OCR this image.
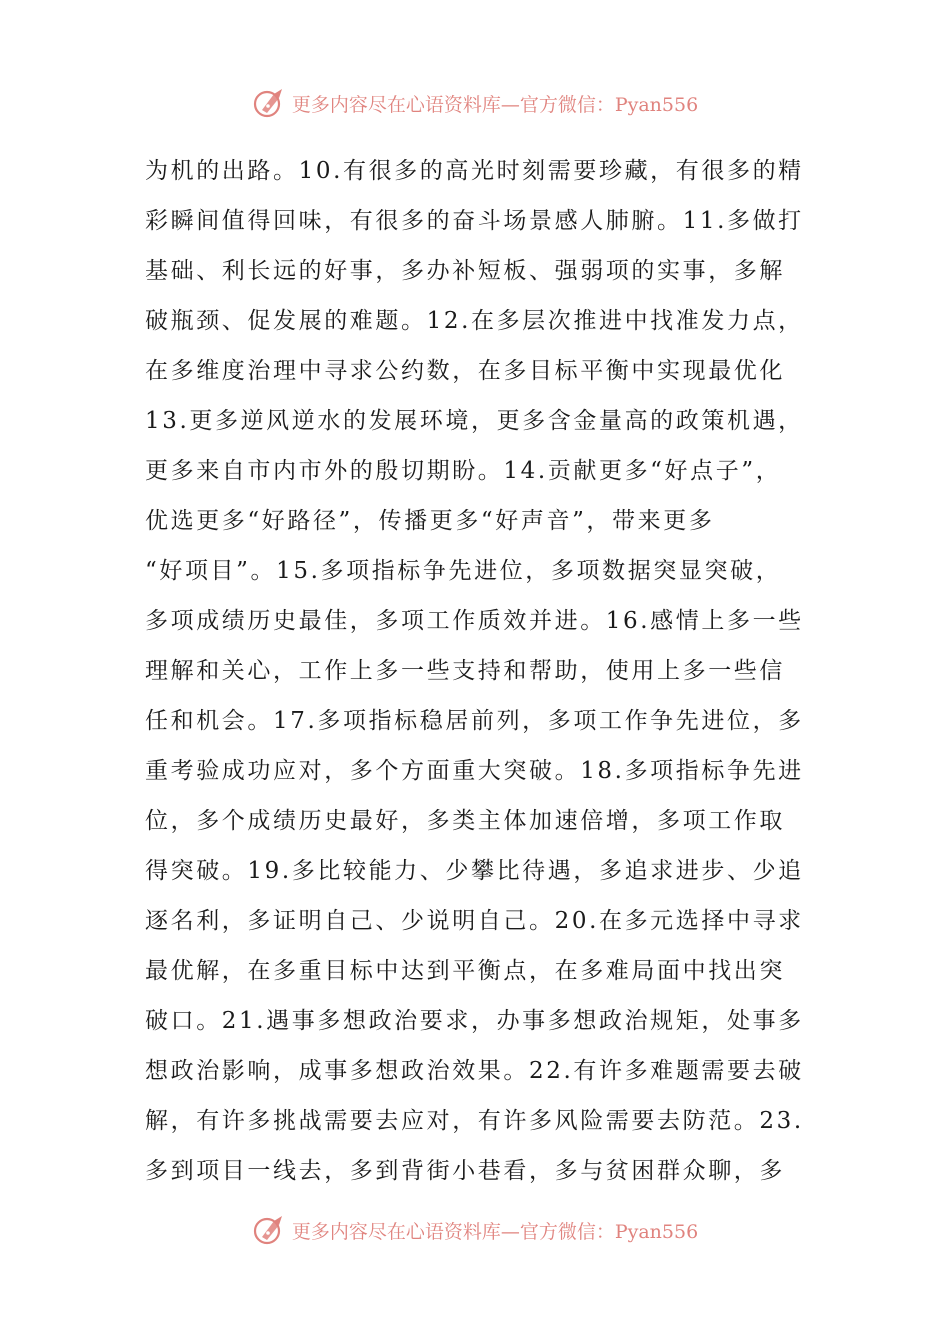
更多内容尽在心语资料库—官方微信：Pyan556
为机的出路。10.有很多的高光时刻需要珍藏，有很多的精
彩瞬间值得回味，有很多的奋斗场景感人肺腑。11.多做打
基础、利长远的好事，多办补短板、强弱项的实事，多解
破瓶颈、促发展的难题。12.在多层次推进中找准发力点，
在多维度治理中寻求公约数，在多目标平衡中实现最优化
13.更多逆风逆水的发展环境，更多含金量高的政策机遇，
更多来自市内市外的殷切期盼。14.贡献更多“好点子”，
优选更多“好路径”，传播更多“好声音”，带来更多
“好项目”。15.多项指标争先进位，多项数据突显突破，
多项成绩历史最佳，多项工作质效并进。16.感情上多一些
理解和关心，工作上多一些支持和帮助，使用上多一些信
任和机会。17.多项指标稳居前列，多项工作争先进位，多
重考验成功应对，多个方面重大突破。18.多项指标争先进
位，多个成绩历史最好，多类主体加速倍增，多项工作取
得突破。19.多比较能力、少攀比待遇，多追求进步、少追
逐名利，多证明自己、少说明自己。20.在多元选择中寻求
最优解，在多重目标中达到平衡点，在多难局面中找出突
破口。21.遇事多想政治要求，办事多想政治规矩，处事多
想政治影响，成事多想政治效果。22.有许多难题需要去破
解，有许多挑战需要去应对，有许多风险需要去防范。23.
多到项目一线去，多到背街小巷看，多与贫困群众聊，多
更多内容尽在心语资料库—官方微信：Pyan556
